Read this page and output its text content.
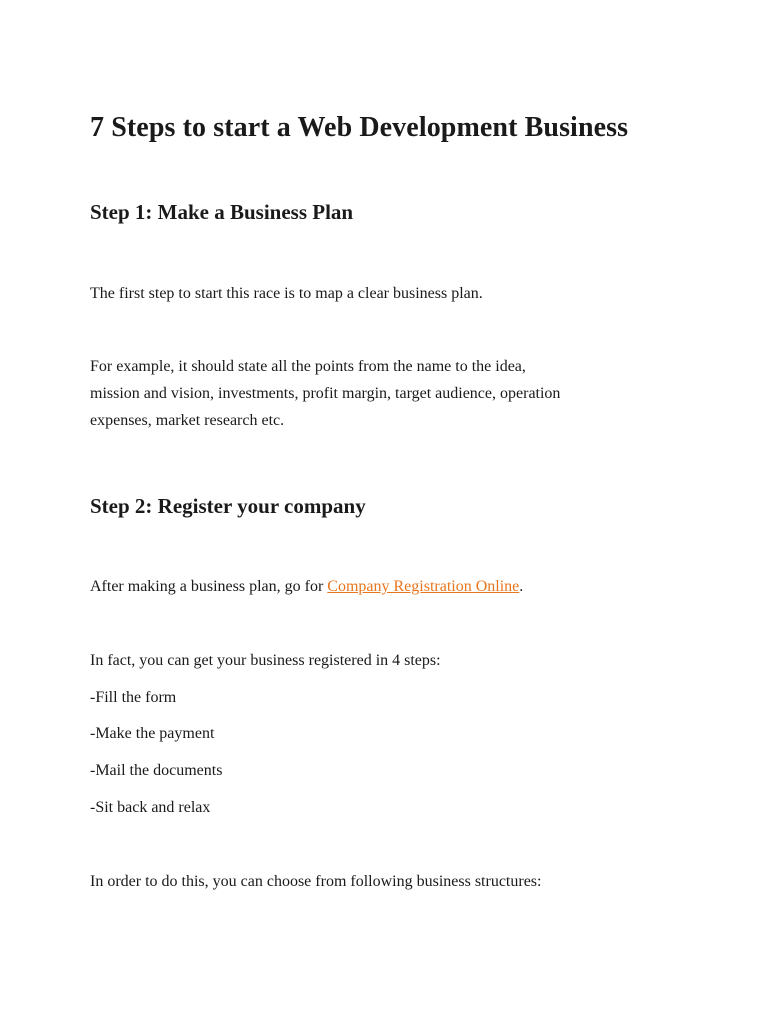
7 Steps to start a Web Development Business
Step 1: Make a Business Plan

The first step to start this race is to map a clear business plan.

For example, it should state all the points from the name to the idea,

mission and vision, investments, profit margin, target audience, operation

expenses, market research etc.

Step 2: Register your company

After making a business plan, go for Company Registration Online.

In fact, you can get your business registered in 4 steps:

-Fill the form

-Make the payment

-Mail the documents

-Sit back and relax

In order to do this, you can choose from following business structures:
